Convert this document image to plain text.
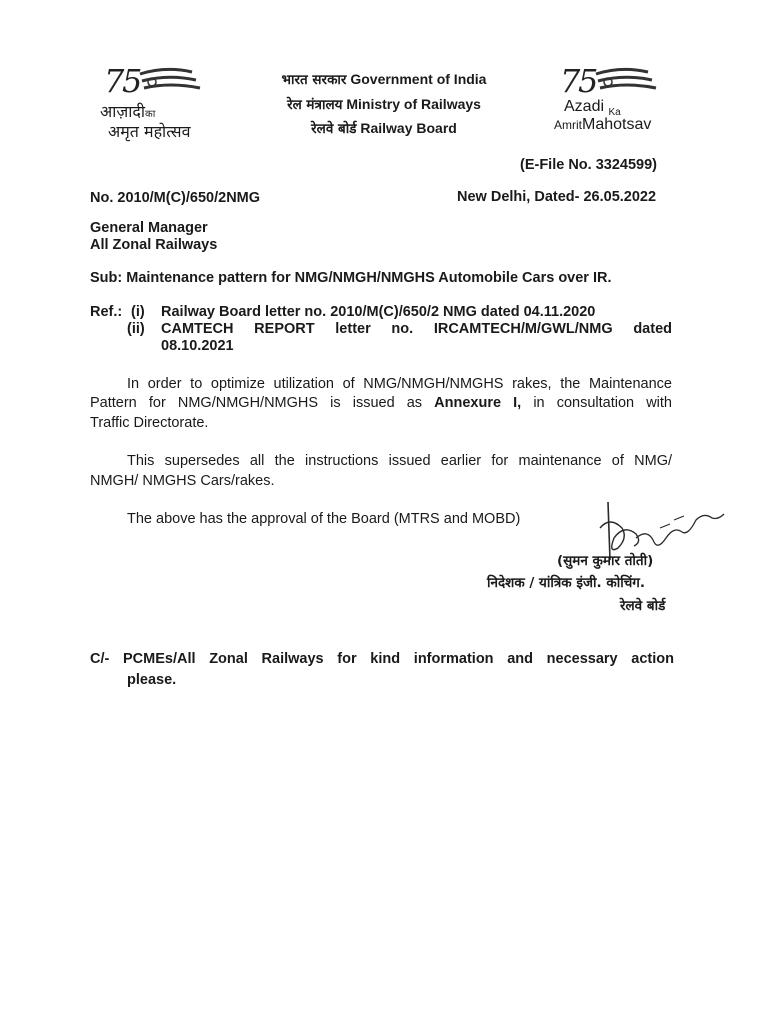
7
5
आज़ादीका
अमृत महोत्सव
भारत सरकार Government of India
रेल मंत्रालय Ministry of Railways
रेलवे बोर्ड Railway Board
7
5
Azadi $_{Ka}$
AmritMahotsav
(E-File No. 3324599)
No. 2010/M(C)/650/2NMG	New Delhi, Dated- 26.05.2022
General Manager
All Zonal Railways
Sub: Maintenance pattern for NMG/NMGH/NMGHS Automobile Cars over IR.
Ref.: (i) Railway Board letter no. 2010/M(C)/650/2 NMG dated 04.11.2020
(ii) CAMTECH REPORT letter no. IRCAMTECH/M/GWL/NMG dated
08.10.2021
In order to optimize utilization of NMG/NMGH/NMGHS rakes, the Maintenance
Pattern for NMG/NMGH/NMGHS is issued as Annexure I, in consultation with
Traffic Directorate.
This supersedes all the instructions issued earlier for maintenance of NMG/
NMGH/ NMGHS Cars/rakes.
The above has the approval of the Board (MTRS and MOBD)
(सुमन कुमार तोती)
निदेशक / यांत्रिक इंजी. कोचिंग.
रेलवे बोर्ड
C/- PCMEs/All Zonal Railways for kind information and necessary action
please.
